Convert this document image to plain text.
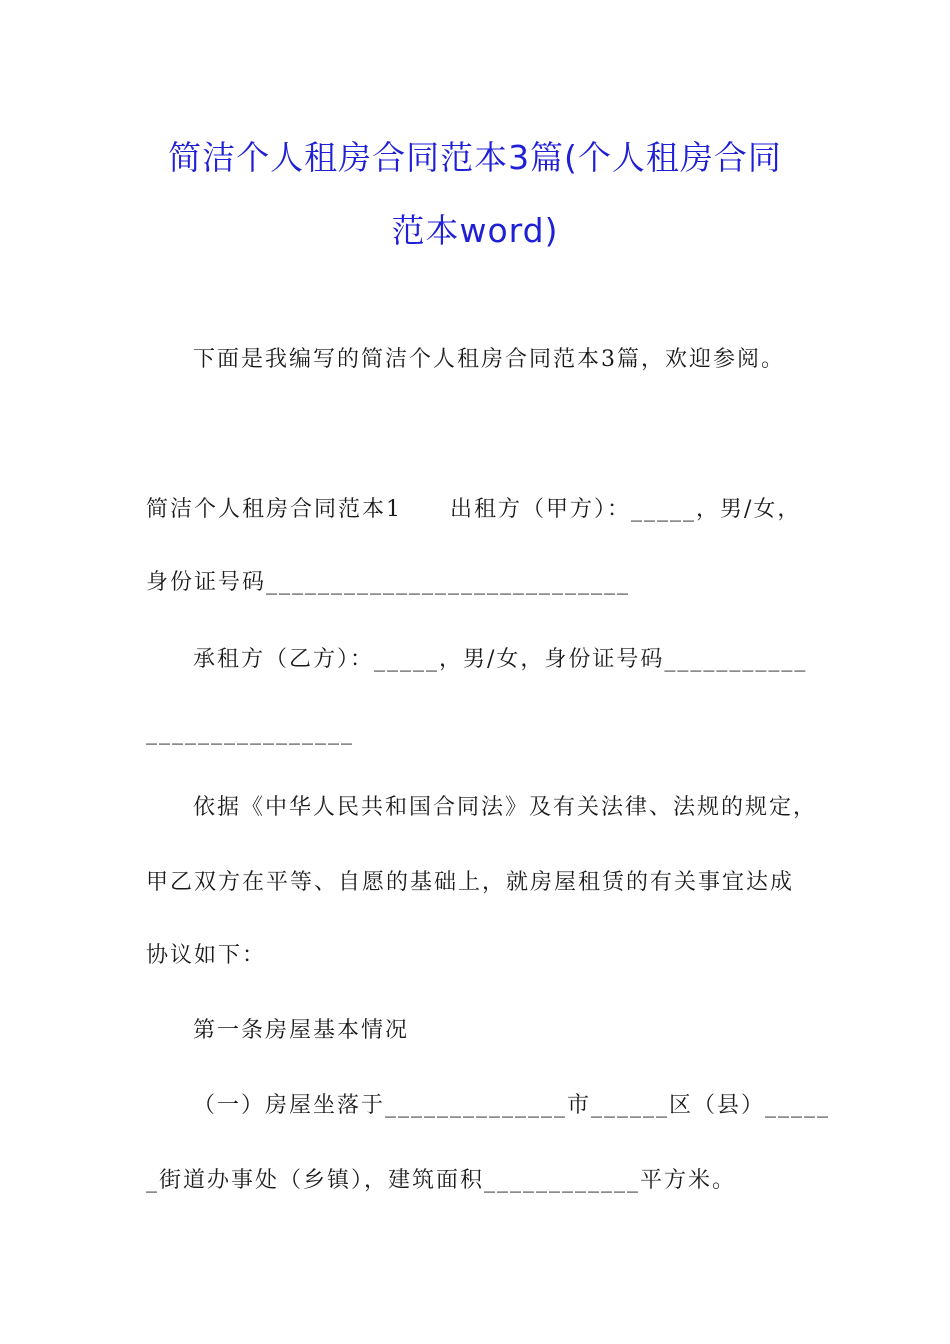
简洁个人租房合同范本3篇(个人租房合同
范本word)
下面是我编写的简洁个人租房合同范本3篇，欢迎参阅。
简洁个人租房合同范本1　　出租方（甲方）：_____，男/女，
身份证号码____________________________
承租方（乙方）：_____，男/女，身份证号码___________
________________
依据《中华人民共和国合同法》及有关法律、法规的规定，
甲乙双方在平等、自愿的基础上，就房屋租赁的有关事宜达成
协议如下：
第一条房屋基本情况
（一）房屋坐落于______________市______区（县）_____
_街道办事处（乡镇），建筑面积____________平方米。
